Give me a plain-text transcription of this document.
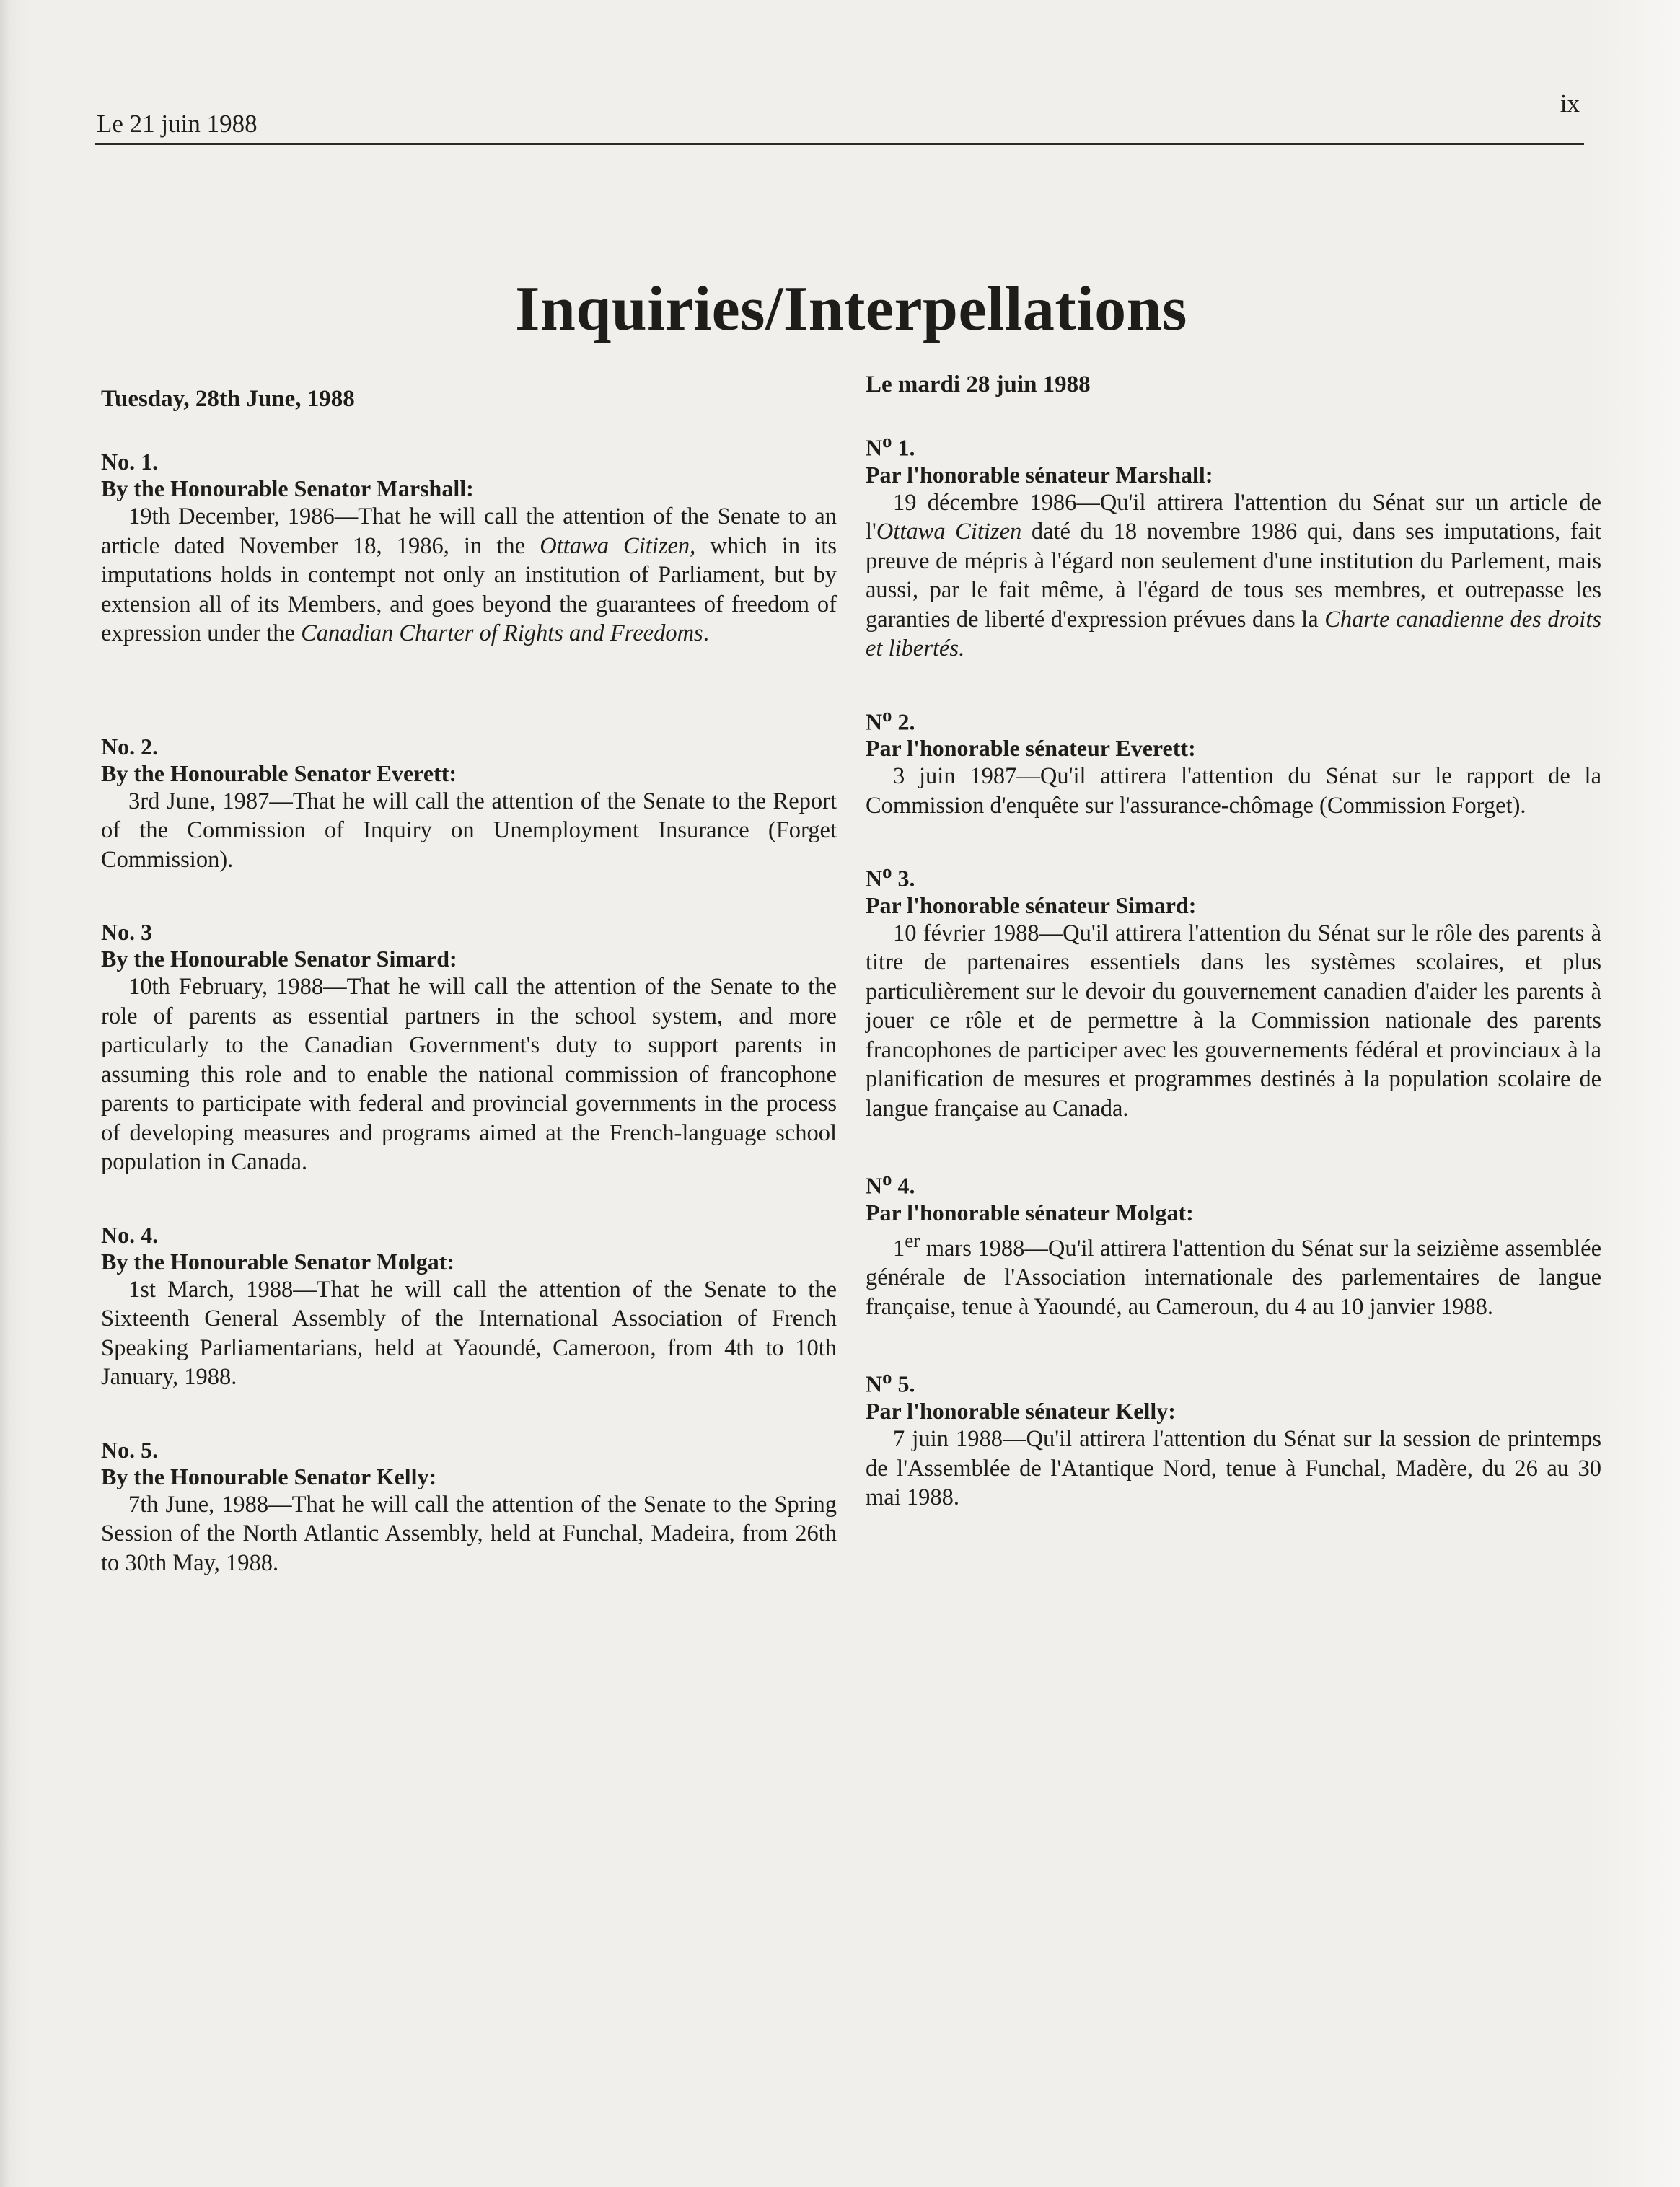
Le 21 juin 1988
ix
Inquiries/Interpellations

Tuesday, 28th June, 1988

No. 1.

By the Honourable Senator Marshall:

19th December, 1986—That he will call the attention of the Senate to an article dated November 18, 1986, in the Ottawa Citizen, which in its imputations holds in contempt not only an institution of Parliament, but by extension all of its Members, and goes beyond the guarantees of freedom of expression under the Canadian Charter of Rights and Freedoms.

No. 2.

By the Honourable Senator Everett:

3rd June, 1987—That he will call the attention of the Senate to the Report of the Commission of Inquiry on Unemployment Insurance (Forget Commission).

No. 3

By the Honourable Senator Simard:

10th February, 1988—That he will call the attention of the Senate to the role of parents as essential partners in the school system, and more particularly to the Canadian Government's duty to support parents in assuming this role and to enable the national commission of francophone parents to participate with federal and provincial governments in the process of developing measures and programs aimed at the French-language school population in Canada.

No. 4.

By the Honourable Senator Molgat:

1st March, 1988—That he will call the attention of the Senate to the Sixteenth General Assembly of the International Association of French Speaking Parliamentarians, held at Yaoundé, Cameroon, from 4th to 10th January, 1988.

No. 5.

By the Honourable Senator Kelly:

7th June, 1988—That he will call the attention of the Senate to the Spring Session of the North Atlantic Assembly, held at Funchal, Madeira, from 26th to 30th May, 1988.

Le mardi 28 juin 1988

$N^o$ 1.

Par l'honorable sénateur Marshall:

19 décembre 1986—Qu'il attirera l'attention du Sénat sur un article de l'Ottawa Citizen daté du 18 novembre 1986 qui, dans ses imputations, fait preuve de mépris à l'égard non seulement d'une institution du Parlement, mais aussi, par le fait même, à l'égard de tous ses membres, et outrepasse les garanties de liberté d'expression prévues dans la Charte canadienne des droits et libertés.

$N^o$ 2.

Par l'honorable sénateur Everett:

3 juin 1987—Qu'il attirera l'attention du Sénat sur le rapport de la Commission d'enquête sur l'assurance-chômage (Commission Forget).

$N^o$ 3.

Par l'honorable sénateur Simard:

10 février 1988—Qu'il attirera l'attention du Sénat sur le rôle des parents à titre de partenaires essentiels dans les systèmes scolaires, et plus particulièrement sur le devoir du gouvernement canadien d'aider les parents à jouer ce rôle et de permettre à la Commission nationale des parents francophones de participer avec les gouvernements fédéral et provinciaux à la planification de mesures et programmes destinés à la population scolaire de langue française au Canada.

$N^o$ 4.

Par l'honorable sénateur Molgat:

1er mars 1988—Qu'il attirera l'attention du Sénat sur la seizième assemblée générale de l'Association internationale des parlementaires de langue française, tenue à Yaoundé, au Cameroun, du 4 au 10 janvier 1988.

$N^o$ 5.

Par l'honorable sénateur Kelly:

7 juin 1988—Qu'il attirera l'attention du Sénat sur la session de printemps de l'Assemblée de l'Atantique Nord, tenue à Funchal, Madère, du 26 au 30 mai 1988.
